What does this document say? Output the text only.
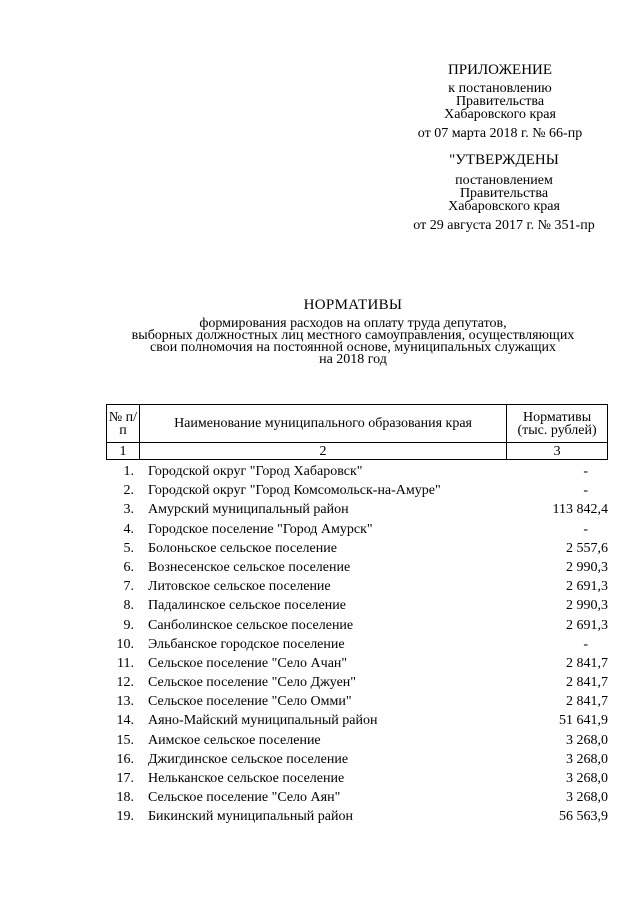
ПРИЛОЖЕНИЕ
к постановлению
Правительства
Хабаровского края
от 07 марта 2018 г. № 66-пр
"УТВЕРЖДЕНЫ
постановлением
Правительства
Хабаровского края
от 29 августа 2017 г. № 351-пр
НОРМАТИВЫ
формирования расходов на оплату труда депутатов,
выборных должностных лиц местного самоуправления, осуществляющих
свои полномочия на постоянной основе, муниципальных служащих
на 2018 год
№ п/п	Наименование муниципального образования края	Нормативы (тыс. рублей)
1	2	3
1. Городской округ "Город Хабаровск"	-
2. Городской округ "Город Комсомольск-на-Амуре"	-
3. Амурский муниципальный район	113 842,4
4. Городское поселение "Город Амурск"	-
5. Болоньское сельское поселение	2 557,6
6. Вознесенское сельское поселение	2 990,3
7. Литовское сельское поселение	2 691,3
8. Падалинское сельское поселение	2 990,3
9. Санболинское сельское поселение	2 691,3
10. Эльбанское городское поселение	-
11. Сельское поселение "Село Ачан"	2 841,7
12. Сельское поселение "Село Джуен"	2 841,7
13. Сельское поселение "Село Омми"	2 841,7
14. Аяно-Майский муниципальный район	51 641,9
15. Аимское сельское поселение	3 268,0
16. Джигдинское сельское поселение	3 268,0
17. Нельканское сельское поселение	3 268,0
18. Сельское поселение "Село Аян"	3 268,0
19. Бикинский муниципальный район	56 563,9
